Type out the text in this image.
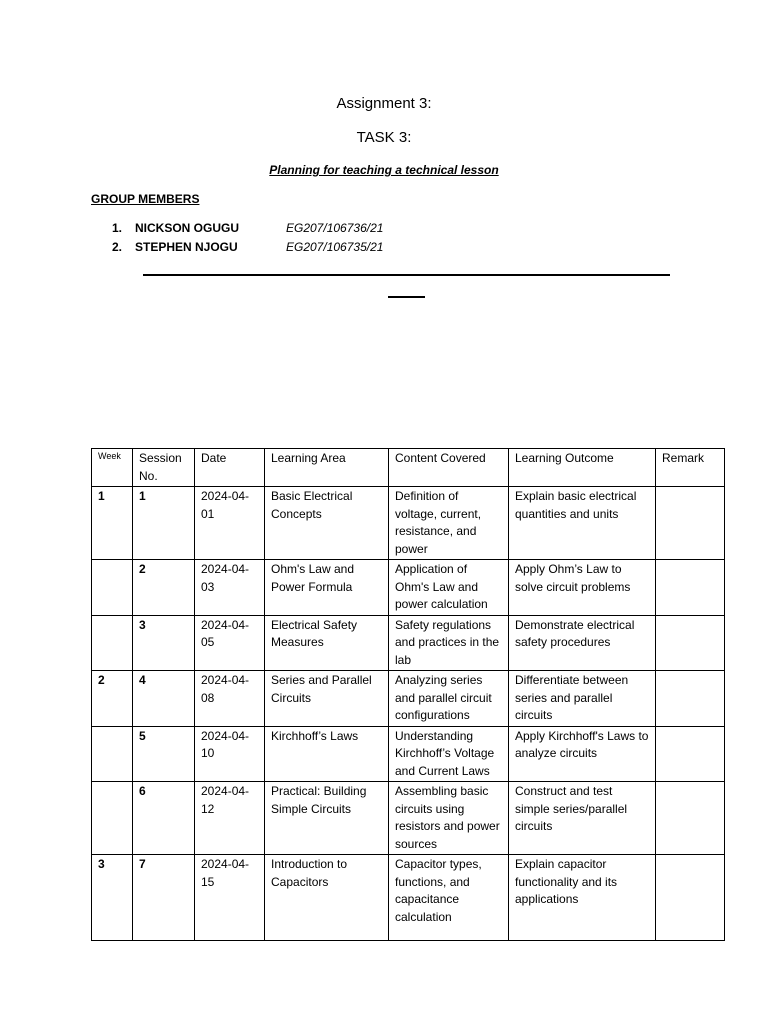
Assignment 3:
TASK 3:
Planning for teaching a technical lesson
GROUP MEMBERS
1. NICKSON OGUGU	EG207/106736/21
2. STEPHEN NJOGU	EG207/106735/21
Week	Session No.	Date	Learning Area	Content Covered	Learning Outcome	Remark
1	1	2024-04-01	Basic Electrical Concepts	Definition of voltage, current, resistance, and power	Explain basic electrical quantities and units	
	2	2024-04-03	Ohm's Law and Power Formula	Application of Ohm's Law and power calculation	Apply Ohm’s Law to solve circuit problems	
	3	2024-04-05	Electrical Safety Measures	Safety regulations and practices in the lab	Demonstrate electrical safety procedures	
2	4	2024-04-08	Series and Parallel Circuits	Analyzing series and parallel circuit configurations	Differentiate between series and parallel circuits	
	5	2024-04-10	Kirchhoff’s Laws	Understanding Kirchhoff’s Voltage and Current Laws	Apply Kirchhoff's Laws to analyze circuits	
	6	2024-04-12	Practical: Building Simple Circuits	Assembling basic circuits using resistors and power sources	Construct and test simple series/parallel circuits	
3	7	2024-04-15	Introduction to Capacitors	Capacitor types, functions, and capacitance calculation	Explain capacitor functionality and its applications	
